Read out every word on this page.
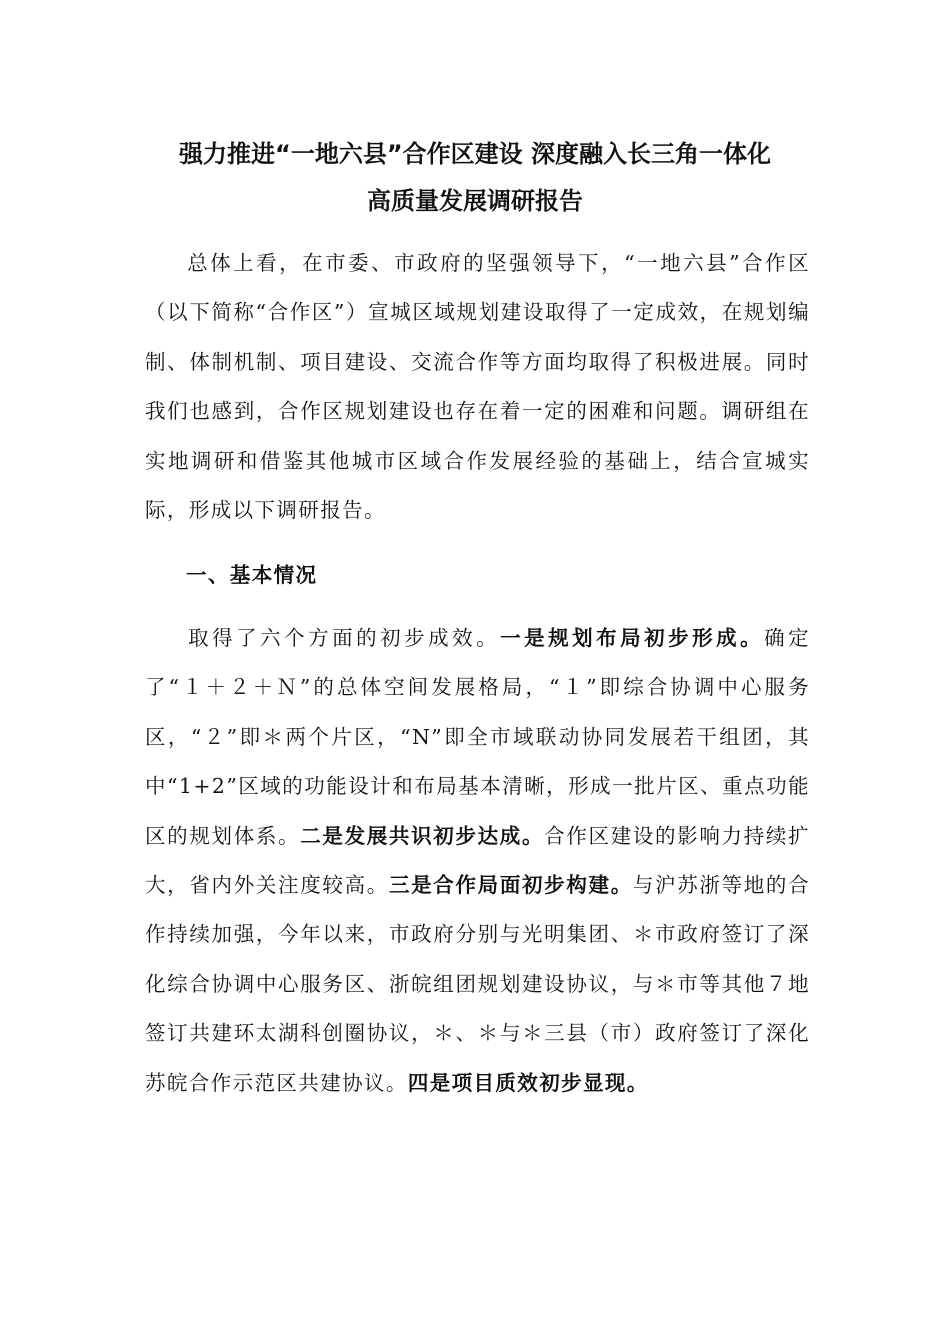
强力推进“一地六县”合作区建设 深度融入长三角一体化
高质量发展调研报告
总体上看，在市委、市政府的坚强领导下，“一地六县”合作区（以下简称“合作区”）宣城区域规划建设取得了一定成效，在规划编制、体制机制、项目建设、交流合作等方面均取得了积极进展。同时我们也感到，合作区规划建设也存在着一定的困难和问题。调研组在实地调研和借鉴其他城市区域合作发展经验的基础上，结合宣城实际，形成以下调研报告。
一、基本情况
取得了六个方面的初步成效。一是规划布局初步形成。确定了“１＋２＋Ｎ”的总体空间发展格局，“１”即综合协调中心服务区，“２”即＊两个片区，“N”即全市域联动协同发展若干组团，其中“1+2”区域的功能设计和布局基本清晰，形成一批片区、重点功能区的规划体系。二是发展共识初步达成。合作区建设的影响力持续扩大，省内外关注度较高。三是合作局面初步构建。与沪苏浙等地的合作持续加强，今年以来，市政府分别与光明集团、＊市政府签订了深化综合协调中心服务区、浙皖组团规划建设协议，与＊市等其他７地签订共建环太湖科创圈协议，＊、＊与＊三县（市）政府签订了深化苏皖合作示范区共建协议。四是项目质效初步显现。
